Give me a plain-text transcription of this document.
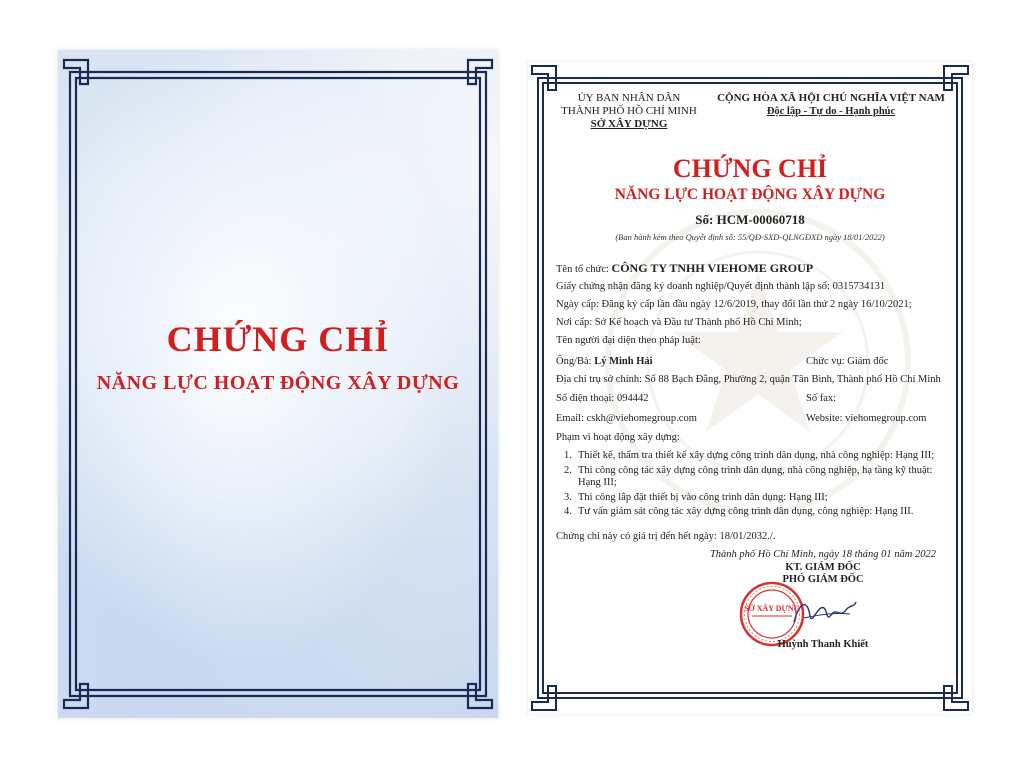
CHỨNG CHỈ
NĂNG LỰC HOẠT ĐỘNG XÂY DỰNG
ỦY BAN NHÂN DÂN
THÀNH PHỐ HỒ CHÍ MINH
SỞ XÂY DỰNG
CỘNG HÒA XÃ HỘI CHỦ NGHĨA VIỆT NAM
Độc lập - Tự do - Hạnh phúc
CHỨNG CHỈ
NĂNG LỰC HOẠT ĐỘNG XÂY DỰNG
Số: HCM-00060718
(Ban hành kèm theo Quyết định số: 55/QĐ-SXD-QLNGĐXD ngày 18/01/2022)
Tên tổ chức: CÔNG TY TNHH VIEHOME GROUP
Giấy chứng nhận đăng ký doanh nghiệp/Quyết định thành lập số: 0315734131
Ngày cấp: Đăng ký cấp lần đầu ngày 12/6/2019, thay đổi lần thứ 2 ngày 16/10/2021;
Nơi cấp: Sở Kế hoạch và Đầu tư Thành phố Hồ Chí Minh;
Tên người đại diện theo pháp luật:
Ông/Bà: Lý Minh Hải	Chức vụ: Giám đốc
Địa chỉ trụ sở chính: Số 88 Bạch Đằng, Phường 2, quận Tân Bình, Thành phố Hồ Chí Minh
Số điện thoại: 094442	Số fax:
Email: cskh@viehomegroup.com	Website: viehomegroup.com
Phạm vi hoạt động xây dựng:
1. Thiết kế, thẩm tra thiết kế xây dựng công trình dân dụng, nhà công nghiệp: Hạng III;
2. Thi công công tác xây dựng công trình dân dụng, nhà công nghiệp, hạ tầng kỹ thuật:
Hạng III;
3. Thi công lắp đặt thiết bị vào công trình dân dụng: Hạng III;
4. Tư vấn giám sát công tác xây dựng công trình dân dụng, công nghiệp: Hạng III.
Chứng chỉ này có giá trị đến hết ngày: 18/01/2032./.
Thành phố Hồ Chí Minh, ngày 18 tháng 01 năm 2022
KT. GIÁM ĐỐC
PHÓ GIÁM ĐỐC
SỞ XÂY DỰNG
Huỳnh Thanh Khiết
